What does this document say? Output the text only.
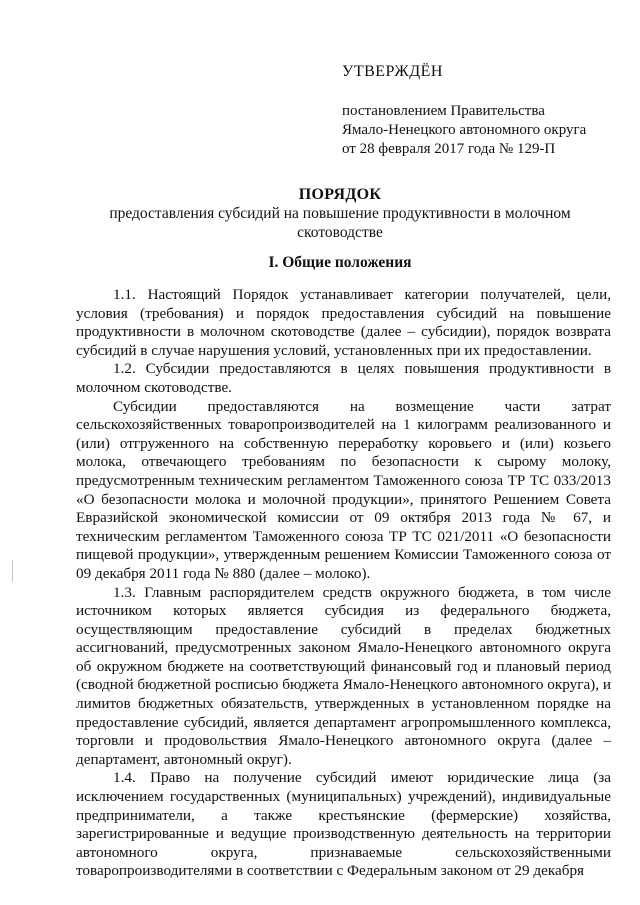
УТВЕРЖДЁН
постановлением Правительства
Ямало-Ненецкого автономного округа
от 28 февраля 2017 года № 129-П
ПОРЯДОК
предоставления субсидий на повышение продуктивности в молочном скотоводстве
I. Общие положения

1.1. Настоящий Порядок устанавливает категории получателей, цели, условия (требования) и порядок предоставления субсидий на повышение продуктивности в молочном скотоводстве (далее – субсидии), порядок возврата субсидий в случае нарушения условий, установленных при их предоставлении.

1.2. Субсидии предоставляются в целях повышения продуктивности в молочном скотоводстве.

Субсидии предоставляются на возмещение части затрат сельскохозяйственных товаропроизводителей на 1 килограмм реализованного и (или) отгруженного на собственную переработку коровьего и (или) козьего молока, отвечающего требованиям по безопасности к сырому молоку, предусмотренным техническим регламентом Таможенного союза ТР ТС 033/2013 «О безопасности молока и молочной продукции», принятого Решением Совета Евразийской экономической комиссии от 09 октября 2013 года № 67, и техническим регламентом Таможенного союза ТР ТС 021/2011 «О безопасности пищевой продукции», утвержденным решением Комиссии Таможенного союза от 09 декабря 2011 года № 880 (далее – молоко).

1.3. Главным распорядителем средств окружного бюджета, в том числе источником которых является субсидия из федерального бюджета, осуществляющим предоставление субсидий в пределах бюджетных ассигнований, предусмотренных законом Ямало-Ненецкого автономного округа об окружном бюджете на соответствующий финансовый год и плановый период (сводной бюджетной росписью бюджета Ямало-Ненецкого автономного округа), и лимитов бюджетных обязательств, утвержденных в установленном порядке на предоставление субсидий, является департамент агропромышленного комплекса, торговли и продовольствия Ямало-Ненецкого автономного округа (далее – департамент, автономный округ).

1.4. Право на получение субсидий имеют юридические лица (за исключением государственных (муниципальных) учреждений), индивидуальные предприниматели, а также крестьянские (фермерские) хозяйства, зарегистрированные и ведущие производственную деятельность на территории автономного округа, признаваемые сельскохозяйственными товаропроизводителями в соответствии с Федеральным законом от 29 декабря
